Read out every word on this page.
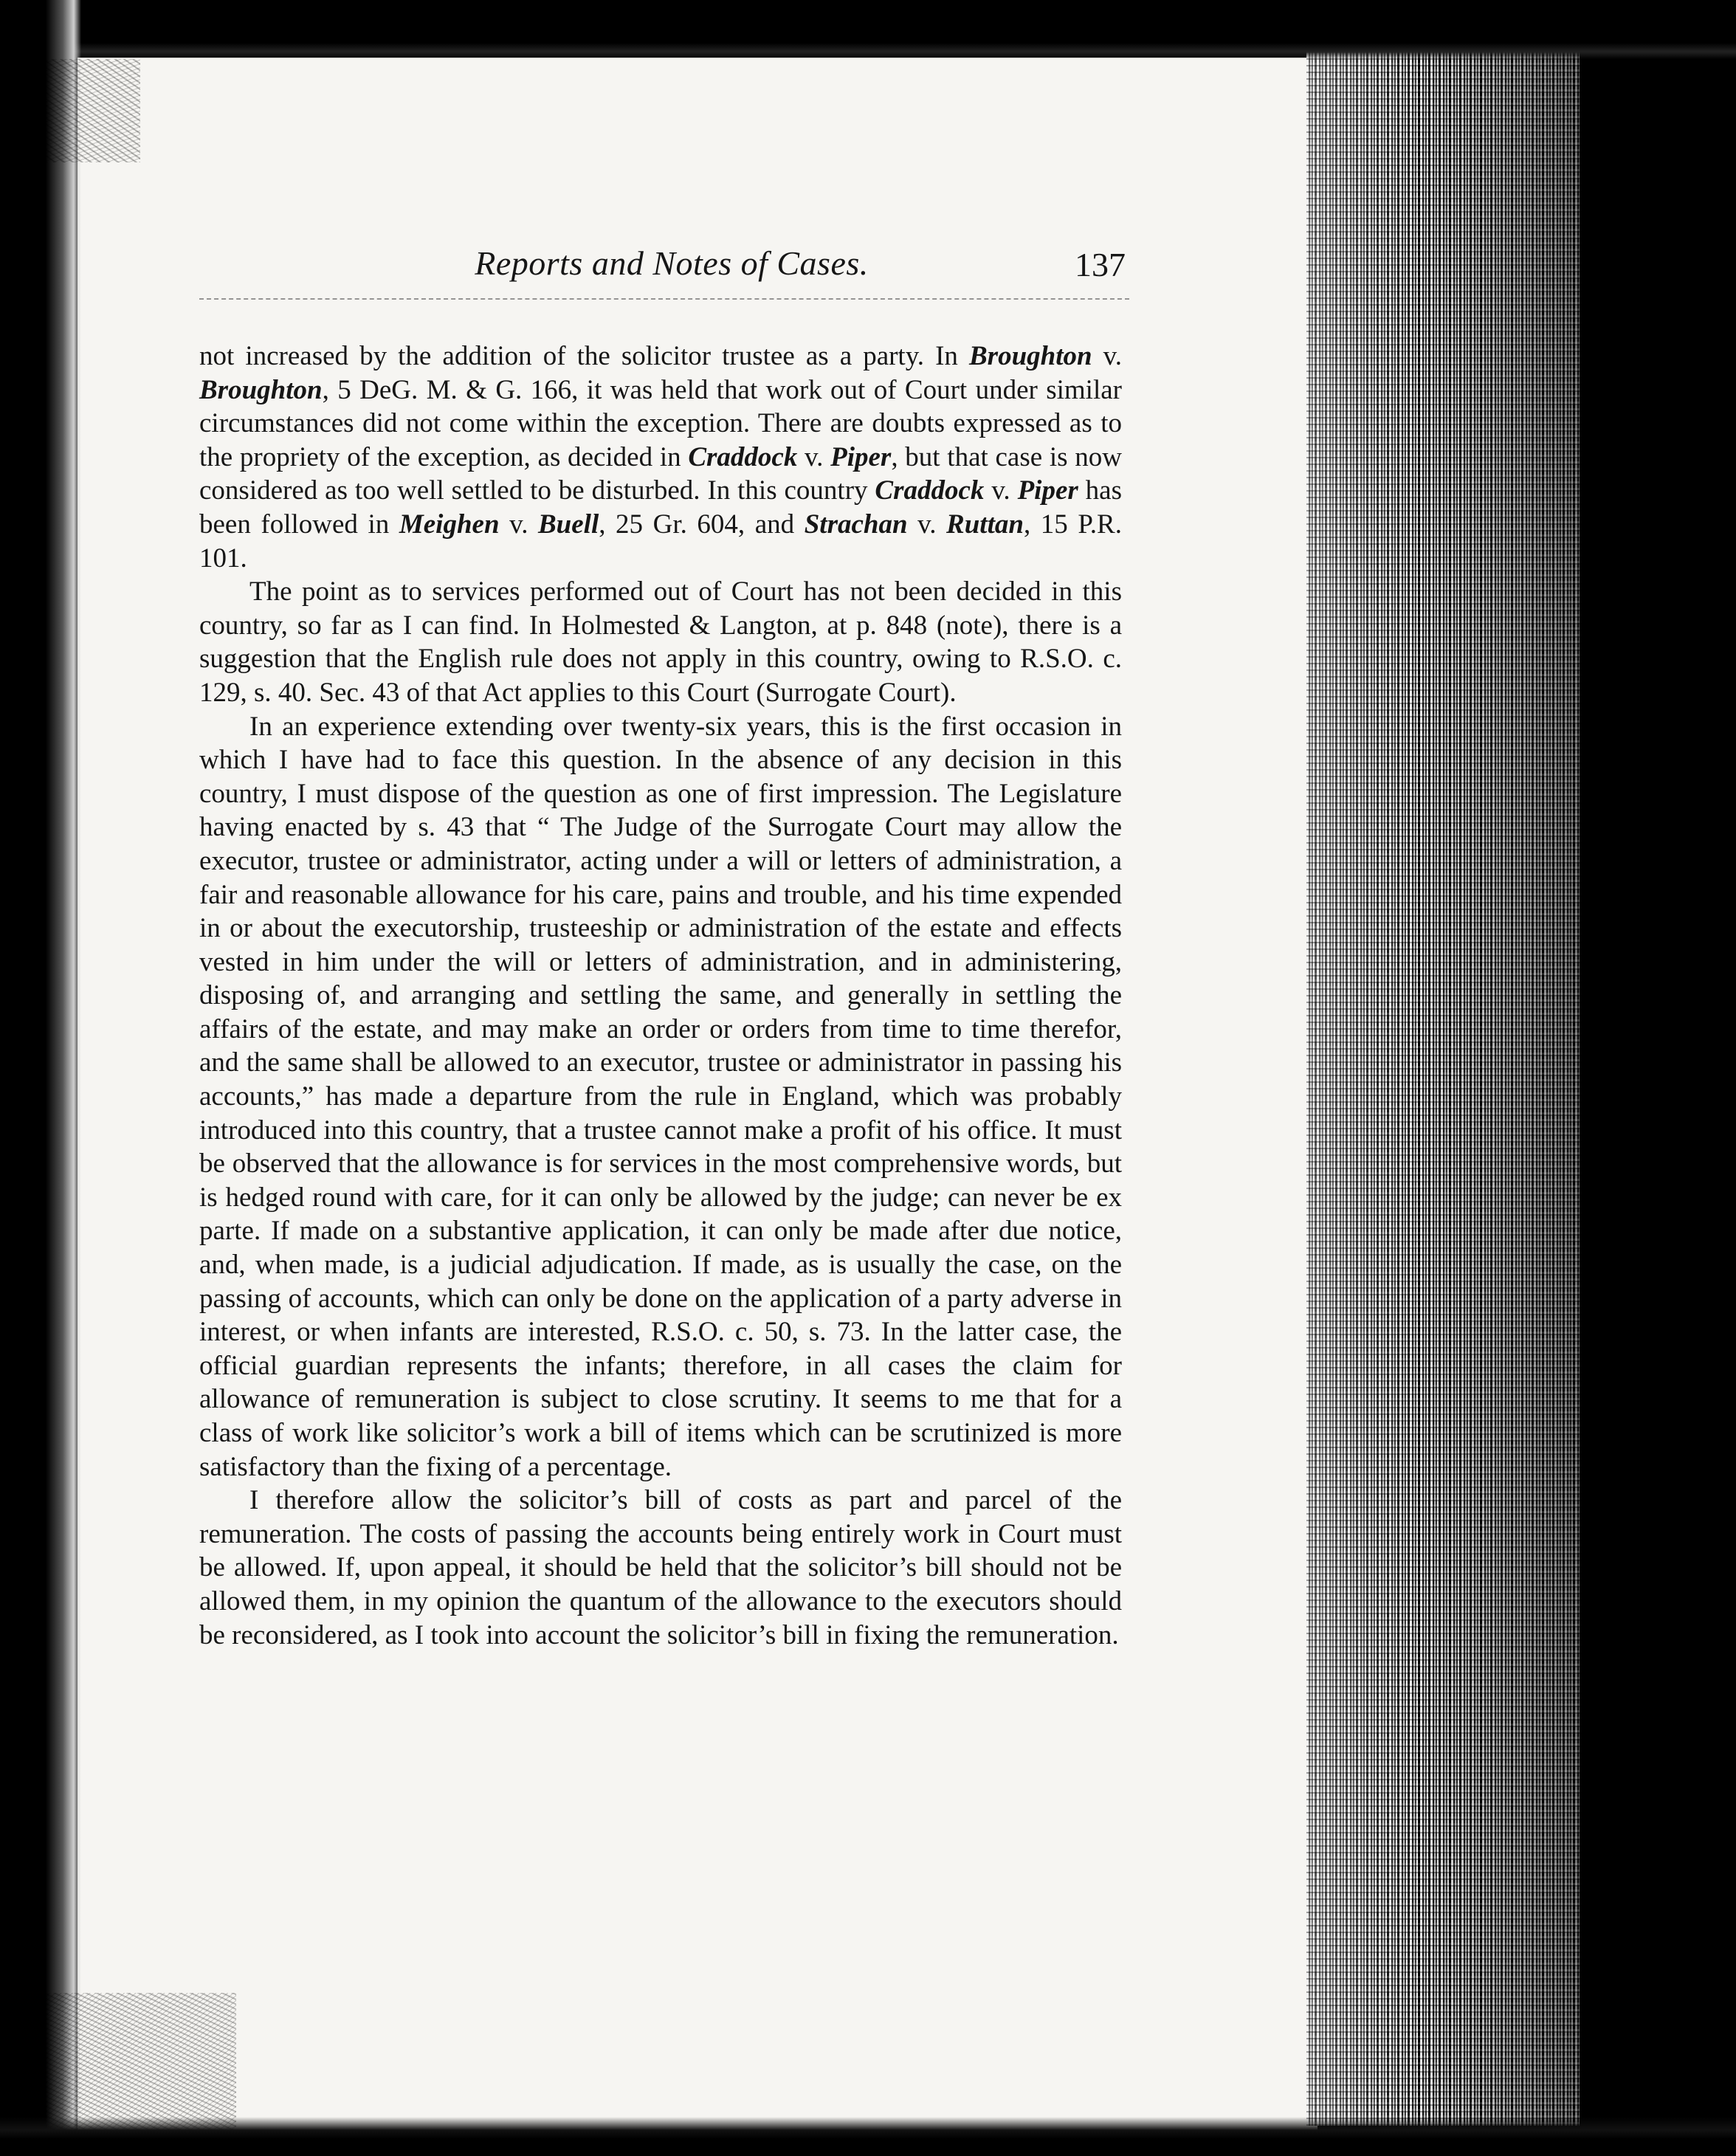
Reports and Notes of Cases.	137

not increased by the addition of the solicitor trustee as a party. In Broughton v. Broughton, 5 DeG. M. & G. 166, it was held that work out of Court under similar circumstances did not come within the exception. There are doubts expressed as to the propriety of the exception, as decided in Craddock v. Piper, but that case is now considered as too well settled to be disturbed. In this country Craddock v. Piper has been followed in Meighen v. Buell, 25 Gr. 604, and Strachan v. Ruttan, 15 P.R. 101.

The point as to services performed out of Court has not been decided in this country, so far as I can find. In Holmested & Langton, at p. 848 (note), there is a suggestion that the English rule does not apply in this country, owing to R.S.O. c. 129, s. 40. Sec. 43 of that Act applies to this Court (Surrogate Court).

In an experience extending over twenty-six years, this is the first occasion in which I have had to face this question. In the absence of any decision in this country, I must dispose of the question as one of first impression. The Legislature having enacted by s. 43 that “ The Judge of the Surrogate Court may allow the executor, trustee or administrator, acting under a will or letters of administration, a fair and reasonable allowance for his care, pains and trouble, and his time expended in or about the executorship, trusteeship or administration of the estate and effects vested in him under the will or letters of administration, and in administering, disposing of, and arranging and settling the same, and generally in settling the affairs of the estate, and may make an order or orders from time to time therefor, and the same shall be allowed to an executor, trustee or administrator in passing his accounts,” has made a departure from the rule in England, which was probably introduced into this country, that a trustee cannot make a profit of his office. It must be observed that the allowance is for services in the most comprehensive words, but is hedged round with care, for it can only be allowed by the judge; can never be ex parte. If made on a substantive application, it can only be made after due notice, and, when made, is a judicial adjudication. If made, as is usually the case, on the passing of accounts, which can only be done on the application of a party adverse in interest, or when infants are interested, R.S.O. c. 50, s. 73. In the latter case, the official guardian represents the infants; therefore, in all cases the claim for allowance of remuneration is subject to close scrutiny. It seems to me that for a class of work like solicitor’s work a bill of items which can be scrutinized is more satisfactory than the fixing of a percentage.

I therefore allow the solicitor’s bill of costs as part and parcel of the remuneration. The costs of passing the accounts being entirely work in Court must be allowed. If, upon appeal, it should be held that the solicitor’s bill should not be allowed them, in my opinion the quantum of the allowance to the executors should be reconsidered, as I took into account the solicitor’s bill in fixing the remuneration.
